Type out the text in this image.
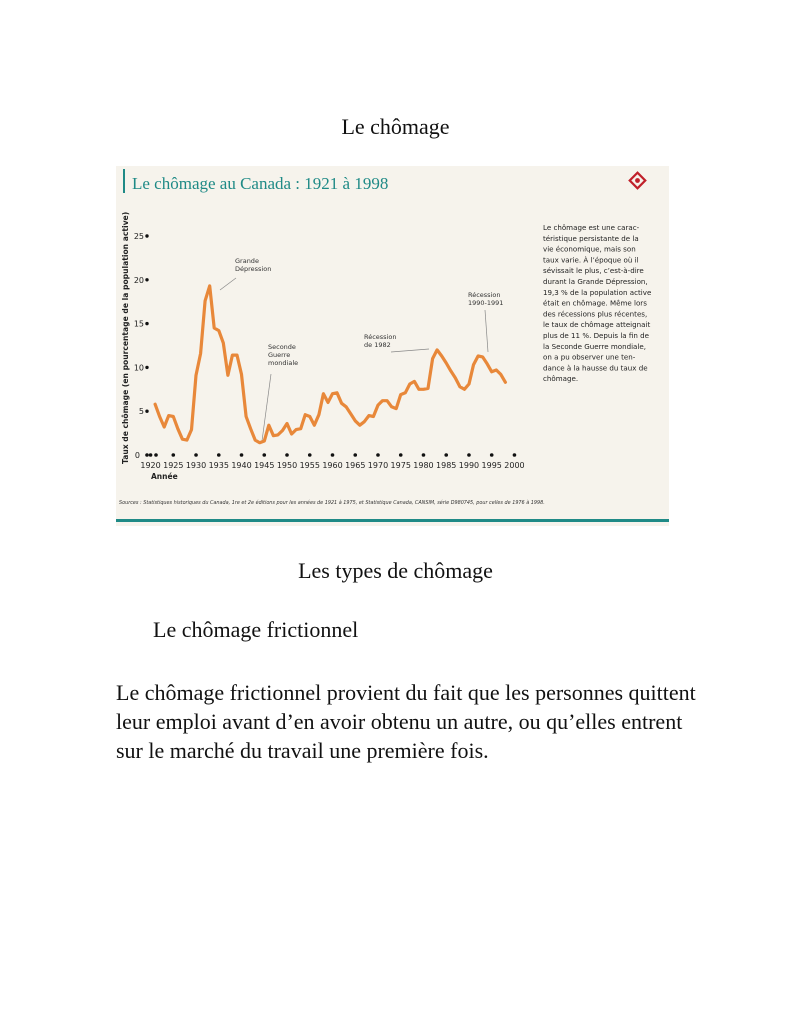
Le chômage
Le chômage au Canada : 1921 à 1998
Taux de chômage (en pourcentage de la population active) 5
10
15
20
25
0
1920 1925 1930 1935 1940 1945 1950 1955 1960 1965 1970 1975 1980 1985 1990 1995 2000
Année
Grande
Dépression
Seconde
Guerre
mondiale
Récession
de 1982
Récession
1990-1991
Le chômage est une carac-
téristique persistante de la
vie économique, mais son
taux varie. À l’époque où il
sévissait le plus, c’est-à-dire
durant la Grande Dépression,
19,3 % de la population active
était en chômage. Même lors
des récessions plus récentes,
le taux de chômage atteignait
plus de 11 %. Depuis la fin de
la Seconde Guerre mondiale,
on a pu observer une ten-
dance à la hausse du taux de
chômage.
Sources : Statistiques historiques du Canada, 1re et 2e éditions pour les années de 1921 à 1975, et Statistique Canada, CANSIM, série D980745, pour celles de 1976 à 1998.
Les types de chômage
Le chômage frictionnel
Le chômage frictionnel provient du fait que les personnes quittent leur emploi avant d’en avoir obtenu un autre, ou qu’elles entrent sur le marché du travail une première fois.
